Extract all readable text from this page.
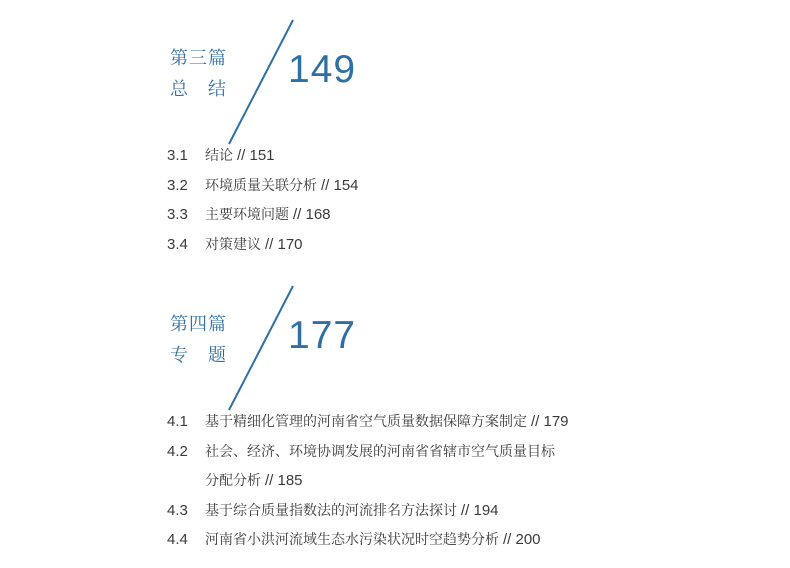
第三篇
总　结 149
3.1	结论 // 151
3.2	环境质量关联分析 // 154
3.3	主要环境问题 // 168
3.4	对策建议 // 170
第四篇
专　题 177
4.1	基于精细化管理的河南省空气质量数据保障方案制定 // 179
4.2	社会、经济、环境协调发展的河南省省辖市空气质量目标
分配分析 // 185
4.3	基于综合质量指数法的河流排名方法探讨 // 194
4.4	河南省小洪河流域生态水污染状况时空趋势分析 // 200
